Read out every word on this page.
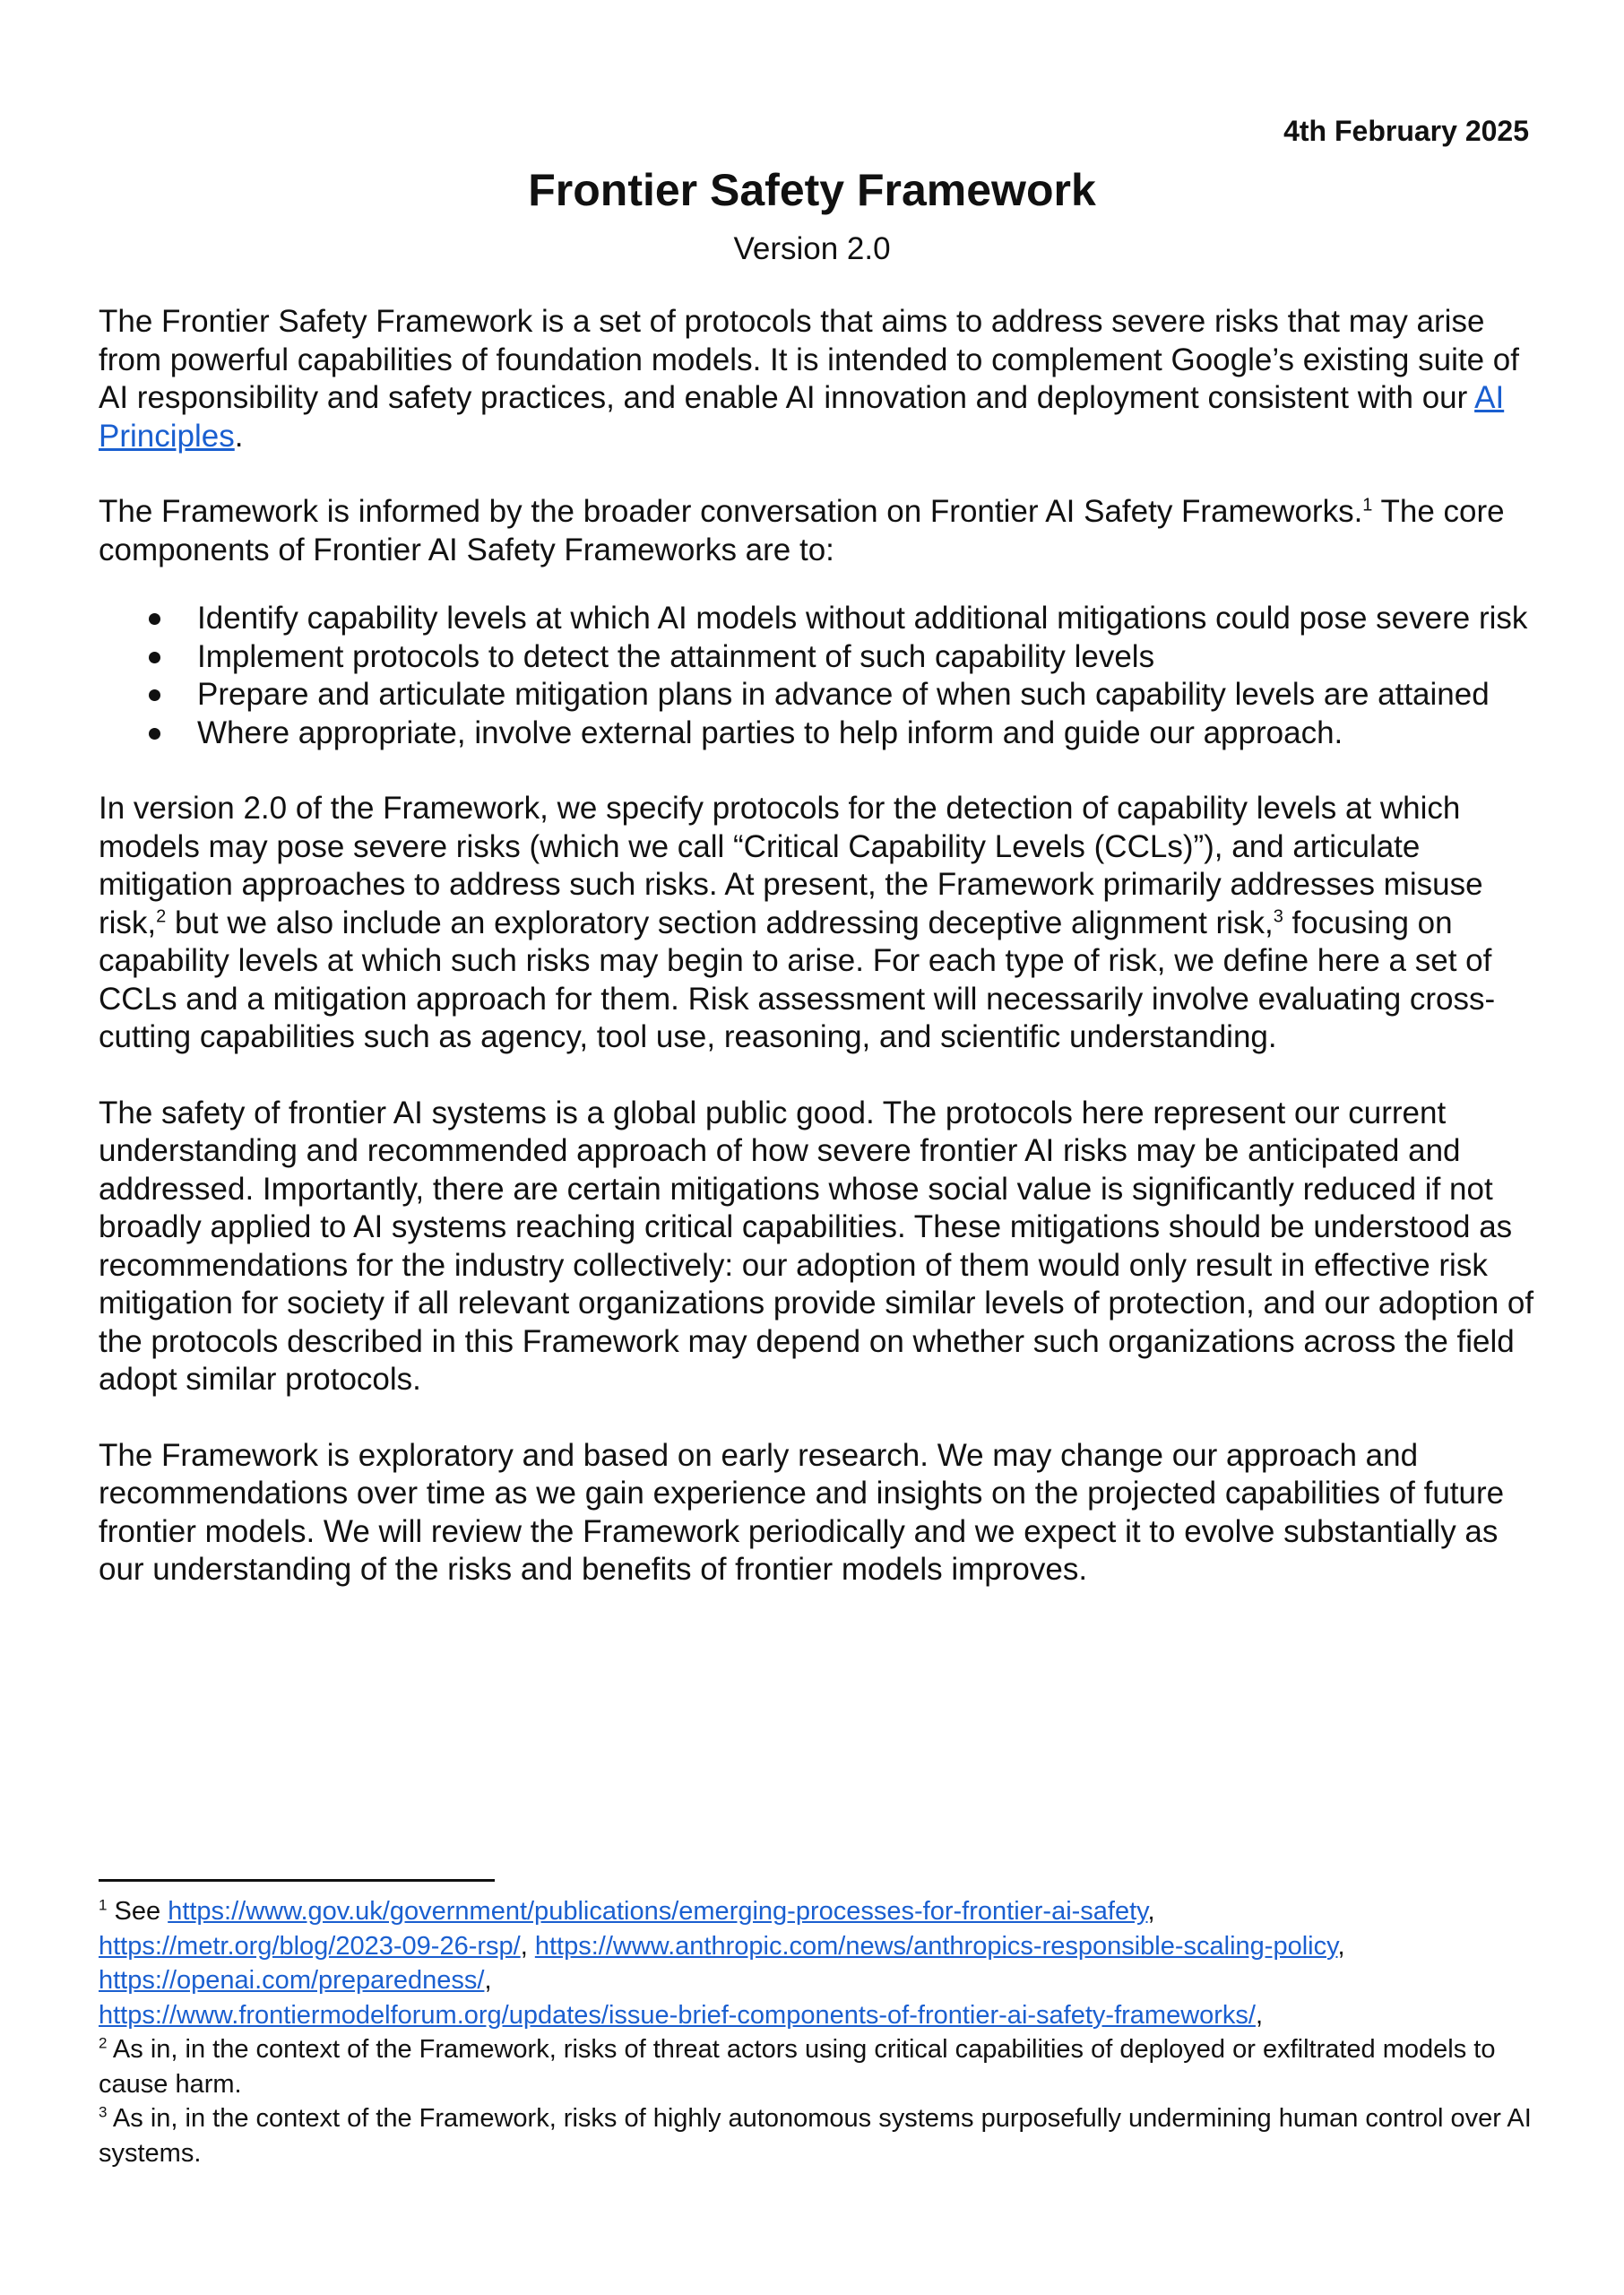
4th February 2025
Frontier Safety Framework
Version 2.0

The Frontier Safety Framework is a set of protocols that aims to address severe risks that may arise from powerful capabilities of foundation models. It is intended to complement Google’s existing suite of AI responsibility and safety practices, and enable AI innovation and deployment consistent with our AI Principles.

The Framework is informed by the broader conversation on Frontier AI Safety Frameworks.$^1$ The core components of Frontier AI Safety Frameworks are to:

Identify capability levels at which AI models without additional mitigations could pose severe risk
Implement protocols to detect the attainment of such capability levels
Prepare and articulate mitigation plans in advance of when such capability levels are attained
Where appropriate, involve external parties to help inform and guide our approach.

In version 2.0 of the Framework, we specify protocols for the detection of capability levels at which models may pose severe risks (which we call “Critical Capability Levels (CCLs)”), and articulate mitigation approaches to address such risks. At present, the Framework primarily addresses misuse risk,$^2$ but we also include an exploratory section addressing deceptive alignment risk,$^3$ focusing on capability levels at which such risks may begin to arise. For each type of risk, we define here a set of CCLs and a mitigation approach for them. Risk assessment will necessarily involve evaluating cross-cutting capabilities such as agency, tool use, reasoning, and scientific understanding.

The safety of frontier AI systems is a global public good. The protocols here represent our current understanding and recommended approach of how severe frontier AI risks may be anticipated and addressed. Importantly, there are certain mitigations whose social value is significantly reduced if not broadly applied to AI systems reaching critical capabilities. These mitigations should be understood as recommendations for the industry collectively: our adoption of them would only result in effective risk mitigation for society if all relevant organizations provide similar levels of protection, and our adoption of the protocols described in this Framework may depend on whether such organizations across the field adopt similar protocols.

The Framework is exploratory and based on early research. We may change our approach and recommendations over time as we gain experience and insights on the projected capabilities of future frontier models. We will review the Framework periodically and we expect it to evolve substantially as our understanding of the risks and benefits of frontier models improves.

$^1$ See https://www.gov.uk/government/publications/emerging-processes-for-frontier-ai-safety,
https://metr.org/blog/2023-09-26-rsp/, https://www.anthropic.com/news/anthropics-responsible-scaling-policy,
https://openai.com/preparedness/,
https://www.frontiermodelforum.org/updates/issue-brief-components-of-frontier-ai-safety-frameworks/,
$^2$ As in, in the context of the Framework, risks of threat actors using critical capabilities of deployed or exfiltrated models to cause harm.
$^3$ As in, in the context of the Framework, risks of highly autonomous systems purposefully undermining human control over AI systems.
